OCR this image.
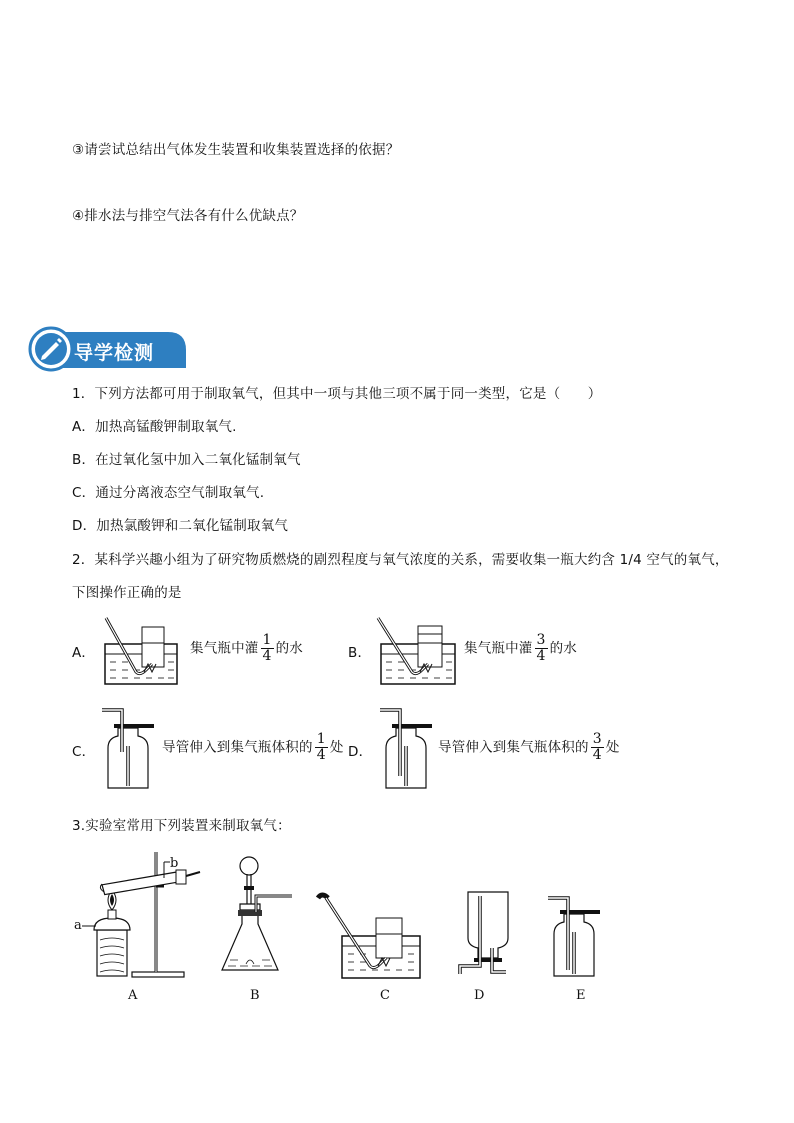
③请尝试总结出气体发生装置和收集装置选择的依据？
④排水法与排空气法各有什么优缺点？
导学检测
1．下列方法都可用于制取氧气，但其中一项与其他三项不属于同一类型，它是（　　）
A．加热高锰酸钾制取氧气.
B．在过氧化氢中加入二氧化锰制氧气
C．通过分离液态空气制取氧气.
D．加热氯酸钾和二氧化锰制取氧气
2．某科学兴趣小组为了研究物质燃烧的剧烈程度与氧气浓度的关系，需要收集一瓶大约含 1/4 空气的氧气，
下图操作正确的是
A．	集气瓶中灌 $\frac{1}{4}$ 的水	B．	集气瓶中灌 $\frac{3}{4}$ 的水
C．	导管伸入到集气瓶体积的 $\frac{1}{4}$ 处 D．	导管伸入到集气瓶体积的 $\frac{3}{4}$ 处
3.实验室常用下列装置来制取氧气：
b
a
A	B	C	D	E
